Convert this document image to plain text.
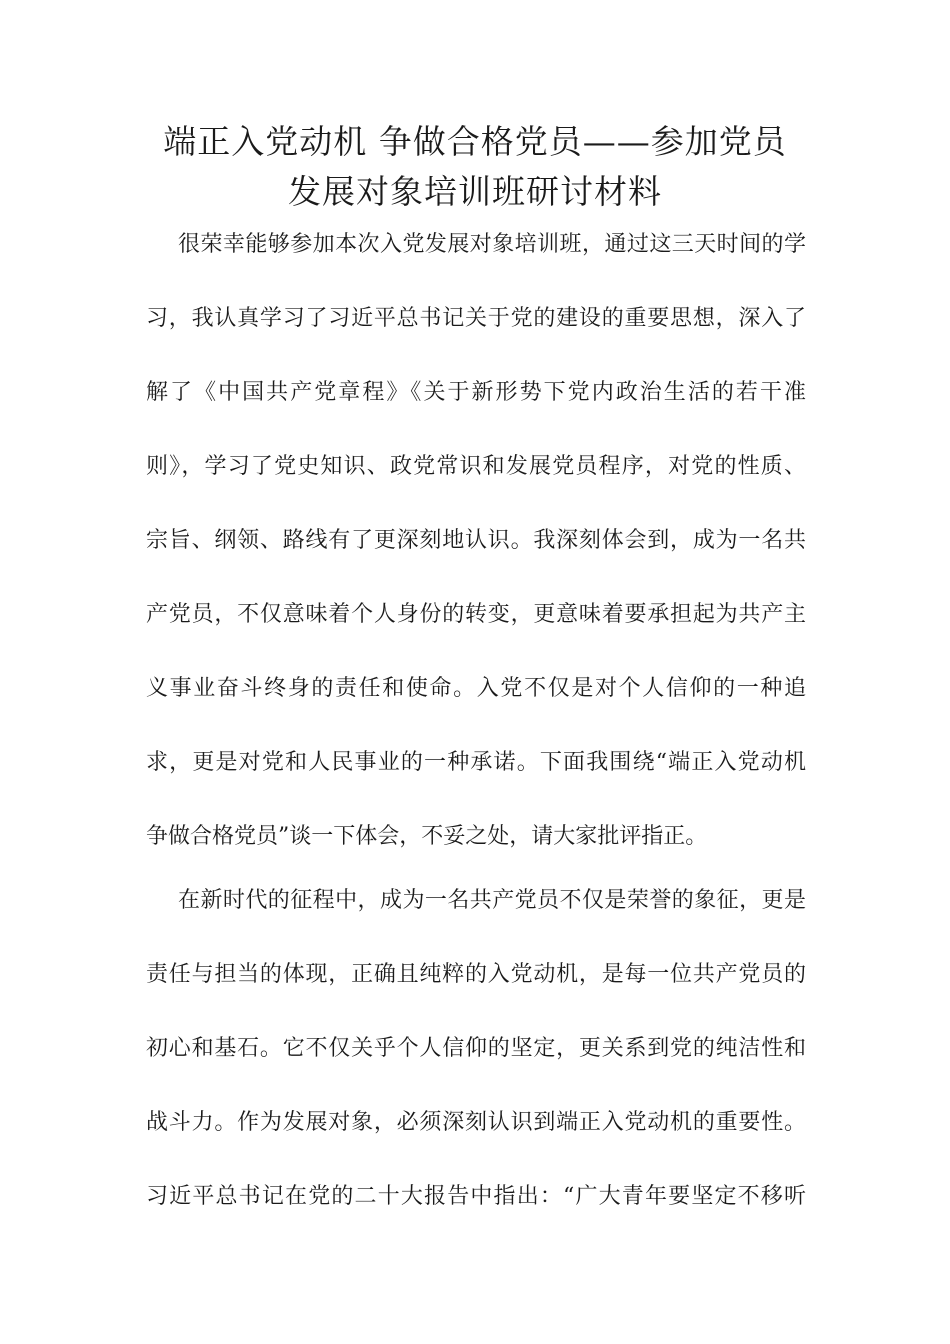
端正入党动机 争做合格党员——参加党员
发展对象培训班研讨材料
很荣幸能够参加本次入党发展对象培训班，通过这三天时间的学
习，我认真学习了习近平总书记关于党的建设的重要思想，深入了
解了《中国共产党章程》《关于新形势下党内政治生活的若干准
则》，学习了党史知识、政党常识和发展党员程序，对党的性质、
宗旨、纲领、路线有了更深刻地认识。我深刻体会到，成为一名共
产党员，不仅意味着个人身份的转变，更意味着要承担起为共产主
义事业奋斗终身的责任和使命。入党不仅是对个人信仰的一种追
求，更是对党和人民事业的一种承诺。下面我围绕“端正入党动机
争做合格党员”谈一下体会，不妥之处，请大家批评指正。
在新时代的征程中，成为一名共产党员不仅是荣誉的象征，更是
责任与担当的体现，正确且纯粹的入党动机，是每一位共产党员的
初心和基石。它不仅关乎个人信仰的坚定，更关系到党的纯洁性和
战斗力。作为发展对象，必须深刻认识到端正入党动机的重要性。
习近平总书记在党的二十大报告中指出：“广大青年要坚定不移听
